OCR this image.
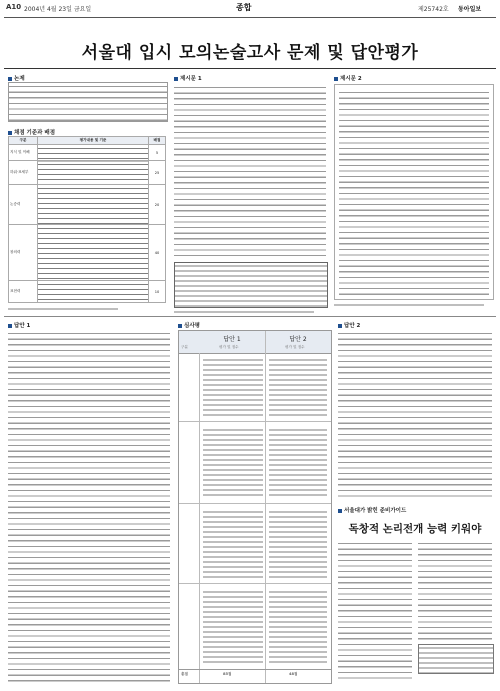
A10 2004년 4월 23일 금요일	종합	제25742호 동아일보
서울대 입시 모의논술고사 문제 및 답안평가
논제
채점 기준과 배점
구분	평가내용 및 기준	배점
지식 및 이해		5
하위·표세부		25
논증력		20
창의력		40
표현력		10
제시문 1	제시문 2
답안 1	심사평
답안 1	답안 2
구분	평가 및 점수	평가 및 점수
총점	85점	48점
답안 2
서울대가 밝힌 준비가이드
독창적 논리전개 능력 키워야
